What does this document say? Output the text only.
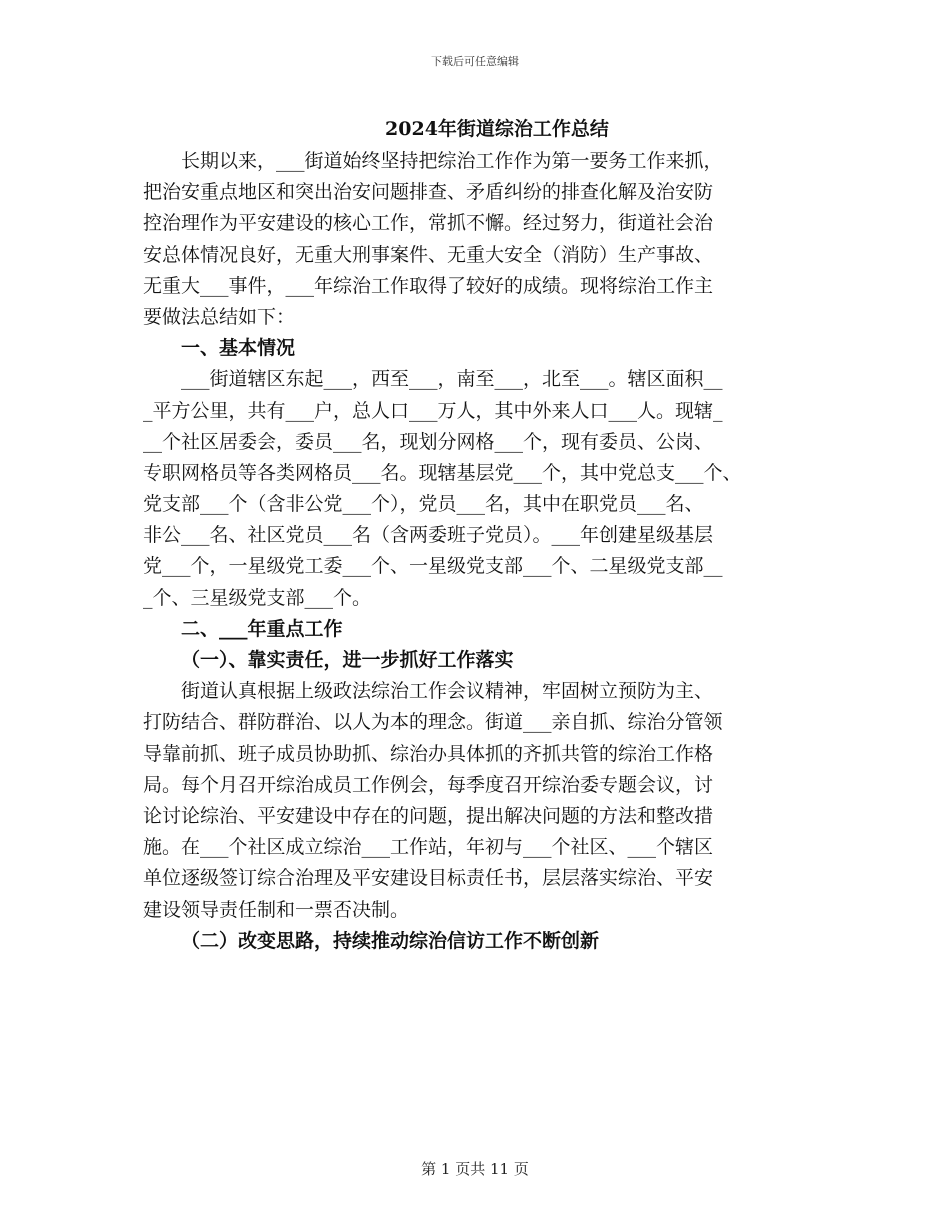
下载后可任意编辑
2024年街道综治工作总结
长期以来，___街道始终坚持把综治工作作为第一要务工作来抓，
把治安重点地区和突出治安问题排查、矛盾纠纷的排查化解及治安防
控治理作为平安建设的核心工作，常抓不懈。经过努力，街道社会治
安总体情况良好，无重大刑事案件、无重大安全（消防）生产事故、
无重大___事件，___年综治工作取得了较好的成绩。现将综治工作主
要做法总结如下：
一、基本情况
___街道辖区东起___，西至___，南至___，北至___。辖区面积__
_平方公里，共有___户，总人口___万人，其中外来人口___人。现辖_
__个社区居委会，委员___名，现划分网格___个，现有委员、公岗、
专职网格员等各类网格员___名。现辖基层党___个，其中党总支___个、
党支部___个（含非公党___个），党员___名，其中在职党员___名、
非公___名、社区党员___名（含两委班子党员）。___年创建星级基层
党___个，一星级党工委___个、一星级党支部___个、二星级党支部__
_个、三星级党支部___个。
二、___年重点工作
（一）、靠实责任，进一步抓好工作落实
街道认真根据上级政法综治工作会议精神，牢固树立预防为主、
打防结合、群防群治、以人为本的理念。街道___亲自抓、综治分管领
导靠前抓、班子成员协助抓、综治办具体抓的齐抓共管的综治工作格
局。每个月召开综治成员工作例会，每季度召开综治委专题会议，讨
论讨论综治、平安建设中存在的问题，提出解决问题的方法和整改措
施。在___个社区成立综治___工作站，年初与___个社区、___个辖区
单位逐级签订综合治理及平安建设目标责任书，层层落实综治、平安
建设领导责任制和一票否决制。
（二）改变思路，持续推动综治信访工作不断创新
第 1 页共 11 页
